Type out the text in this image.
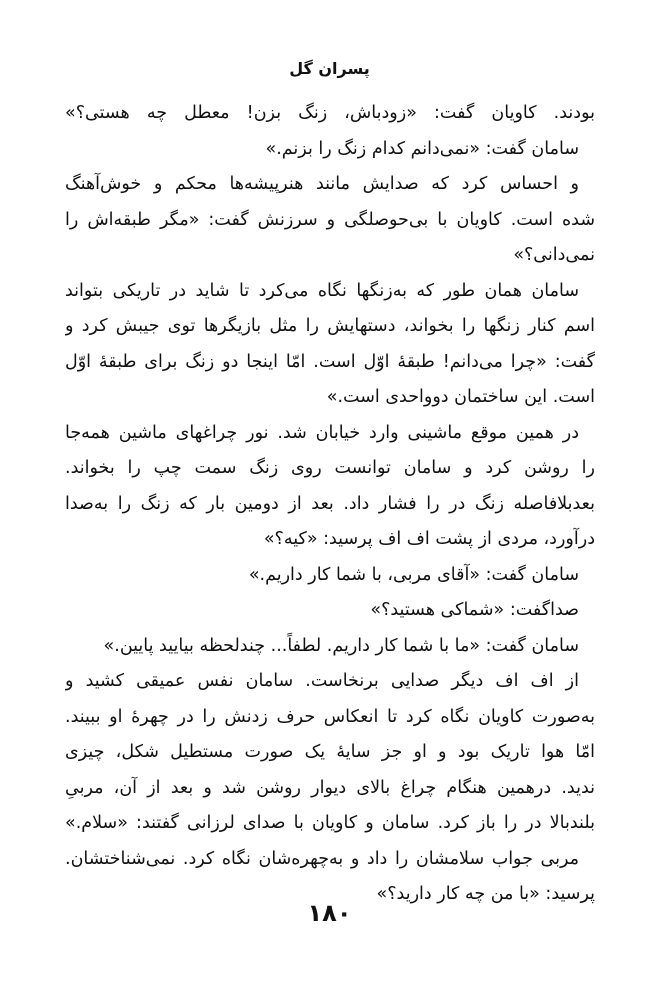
پسران گل
بودند. کاویان گفت: «زودباش، زنگ بزن! معطل چه هستی؟»
سامان گفت: «نمی‌دانم کدام زنگ را بزنم.»
و احساس کرد که صدایش مانند هنرپیشه‌ها محکم و خوش‌آهنگ
شده است. کاویان با بی‌حوصلگی و سرزنش گفت: «مگر طبقه‌اش را
نمی‌دانی؟»
سامان همان طور که به‌زنگها نگاه می‌کرد تا شاید در تاریکی بتواند
اسم کنار زنگها را بخواند، دستهایش را مثل بازیگرها توی جیبش کرد و
گفت: «چرا می‌دانم! طبقهٔ اوّل است. امّا اینجا دو زنگ برای طبقهٔ اوّل
است. این ساختمان دوواحدی است.»
در همین موقع ماشینی وارد خیابان شد. نور چراغهای ماشین همه‌جا
را روشن کرد و سامان توانست روی زنگ سمت چپ را بخواند.
بعدبلافاصله زنگ در را فشار داد. بعد از دومین بار که زنگ را به‌صدا
درآورد، مردی از پشت اف اف پرسید: «کیه؟»
سامان گفت: «آقای مربی، با شما کار داریم.»
صداگفت: «شماکی هستید؟»
سامان گفت: «ما با شما کار داریم. لطفاً... چندلحظه بیایید پایین.»
از اف اف دیگر صدایی برنخاست. سامان نفس عمیقی کشید و
به‌صورت کاویان نگاه کرد تا انعکاس حرف زدنش را در چهرهٔ او ببیند.
امّا هوا تاریک بود و او جز سایهٔ یک صورت مستطیل شکل، چیزی
ندید. درهمین هنگام چراغ بالای دیوار روشن شد و بعد از آن، مربیِ
بلندبالا در را باز کرد. سامان و کاویان با صدای لرزانی گفتند: «سلام.»
مربی جواب سلامشان را داد و به‌چهره‌شان نگاه کرد. نمی‌شناختشان.
پرسید: «با من چه کار دارید؟»
۱۸۰
